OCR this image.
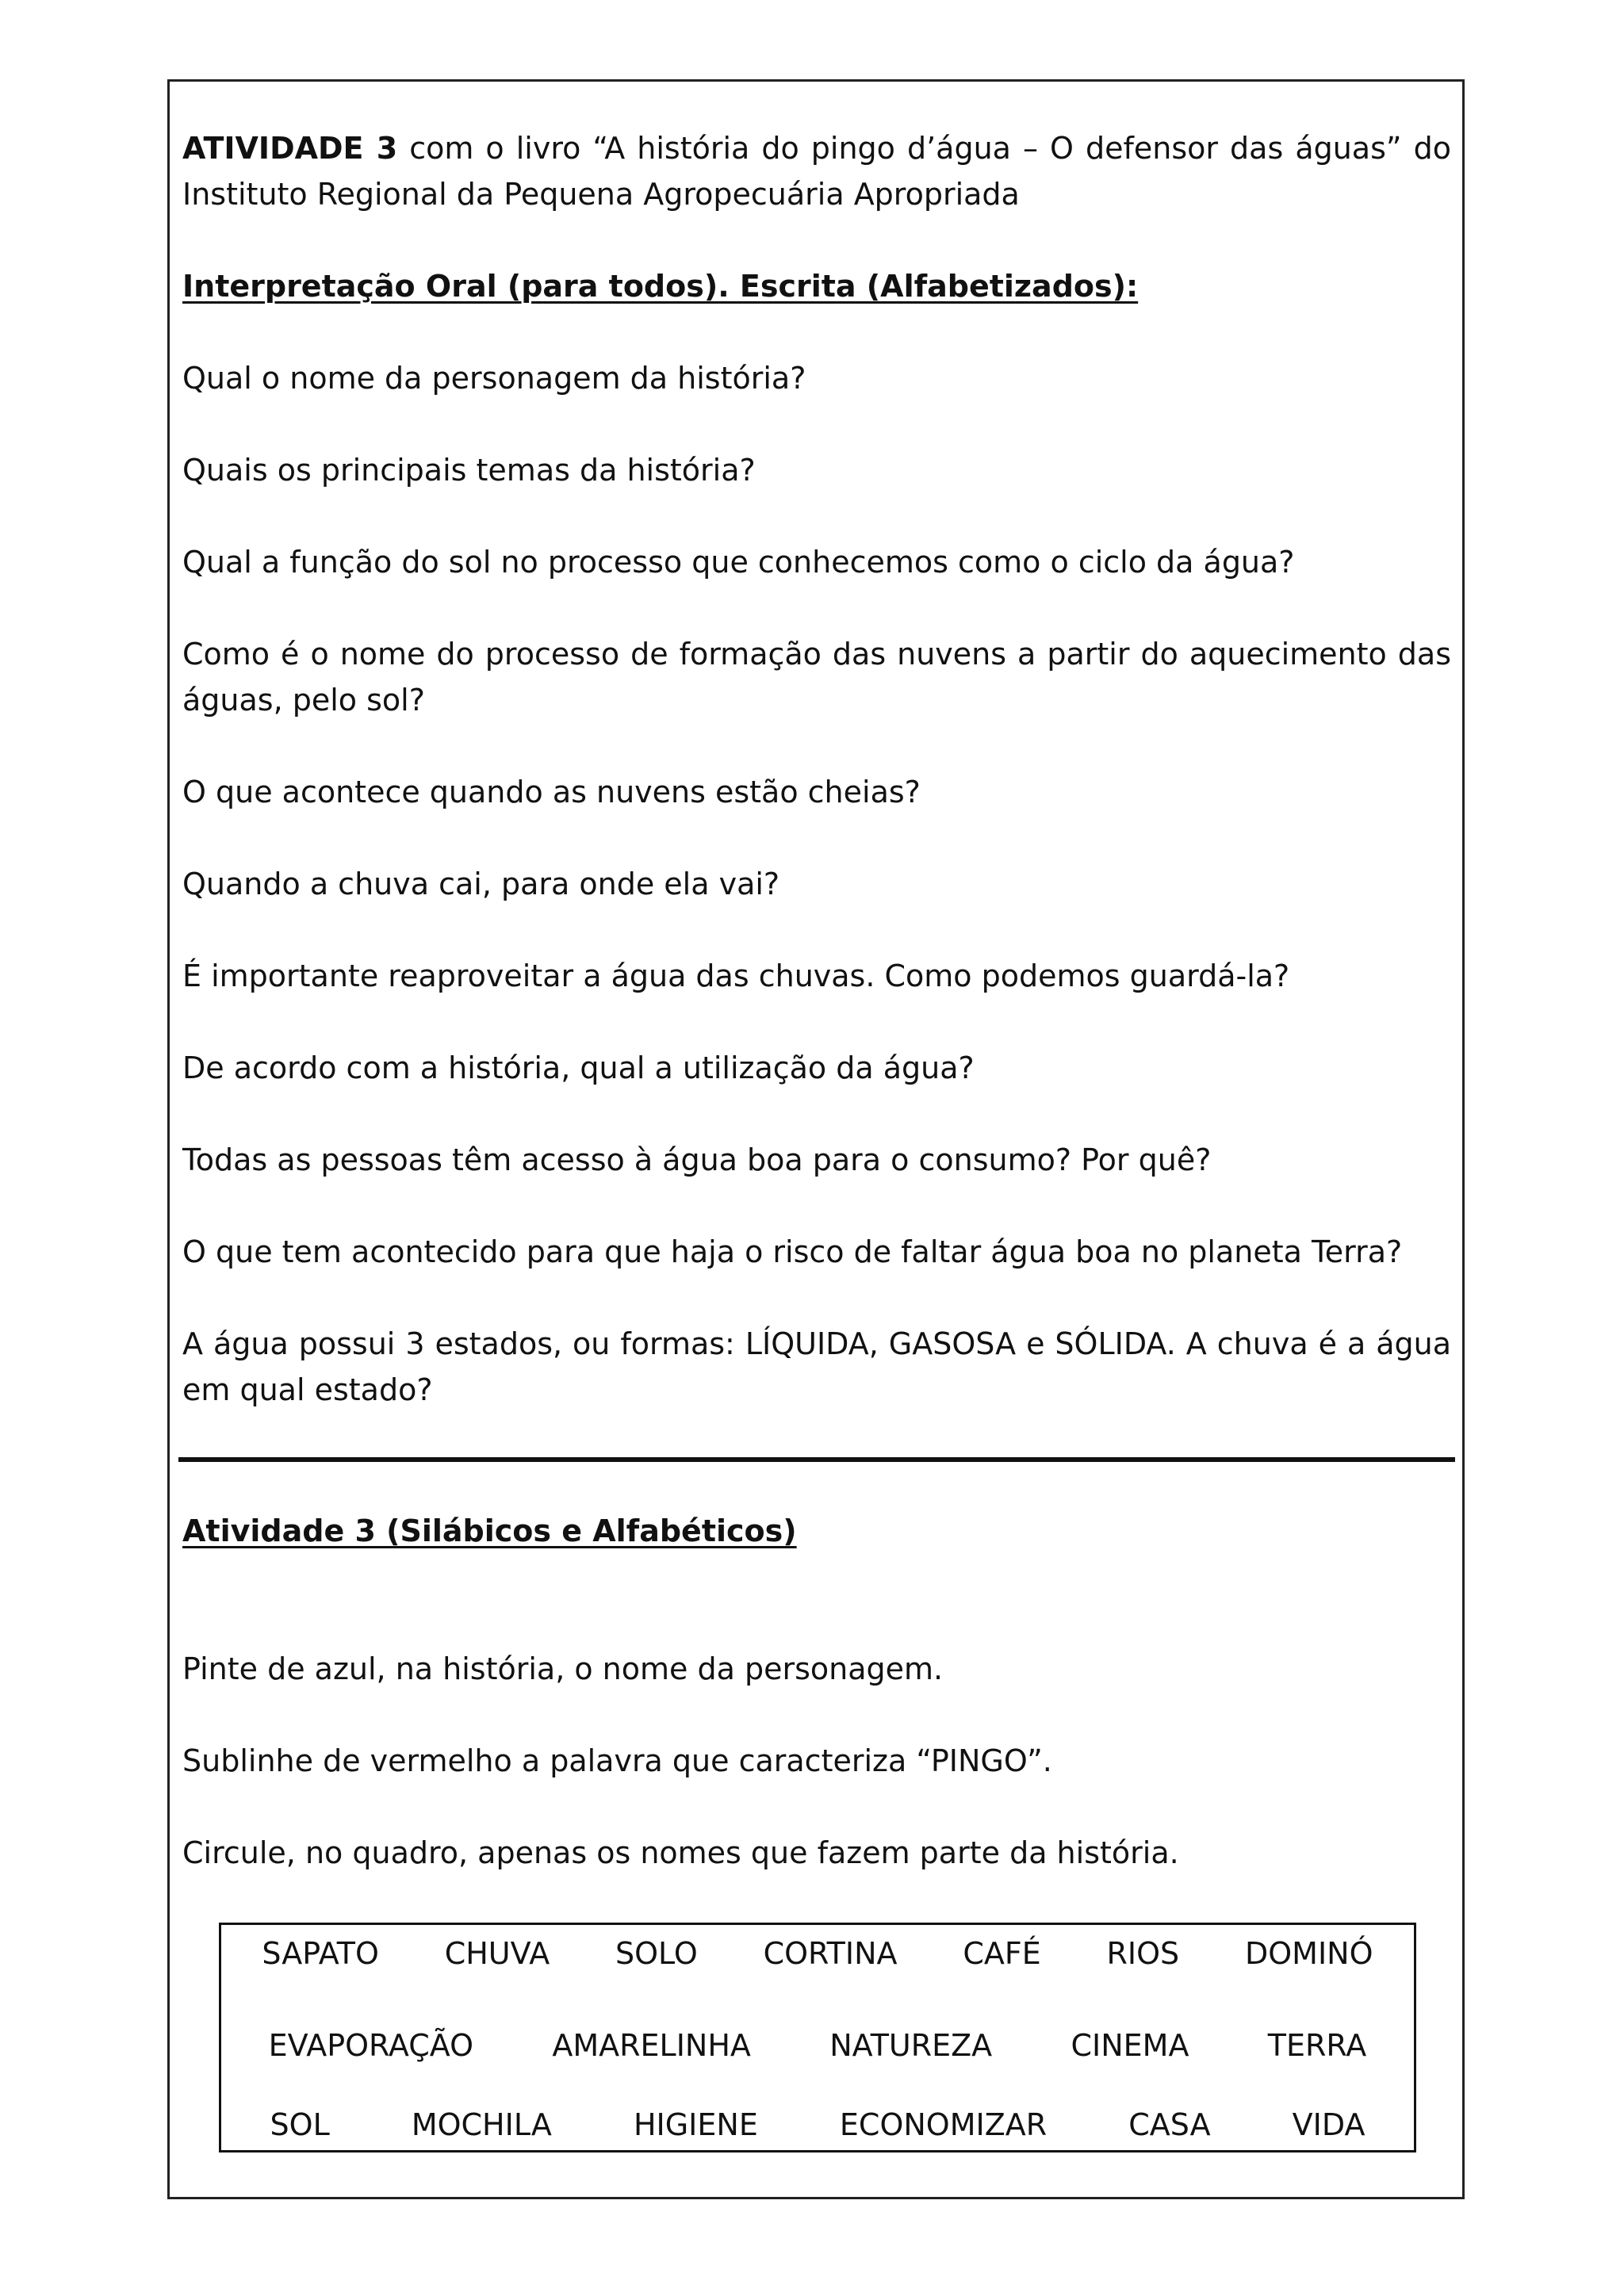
ATIVIDADE 3 com o livro “A história do pingo d’água – O defensor das águas” do Instituto Regional da Pequena Agropecuária Apropriada

Interpretação Oral (para todos). Escrita (Alfabetizados):

Qual o nome da personagem da história?

Quais os principais temas da história?

Qual a função do sol no processo que conhecemos como o ciclo da água?

Como é o nome do processo de formação das nuvens a partir do aquecimento das águas, pelo sol?

O que acontece quando as nuvens estão cheias?

Quando a chuva cai, para onde ela vai?

É importante reaproveitar a água das chuvas. Como podemos guardá-la?

De acordo com a história, qual a utilização da água?

Todas as pessoas têm acesso à água boa para o consumo? Por quê?

O que tem acontecido para que haja o risco de faltar água boa no planeta Terra?

A água possui 3 estados, ou formas: LÍQUIDA, GASOSA e SÓLIDA. A chuva é a água em qual estado?

Atividade 3 (Silábicos e Alfabéticos)

Pinte de azul, na história, o nome da personagem.

Sublinhe de vermelho a palavra que caracteriza “PINGO”.

Circule, no quadro, apenas os nomes que fazem parte da história.

SAPATO CHUVA SOLO CORTINA CAFÉ RIOS DOMINÓ
EVAPORAÇÃO	AMARELINHA	NATUREZA	CINEMA	TERRA
SOL	MOCHILA	HIGIENE	ECONOMIZAR	CASA	VIDA
